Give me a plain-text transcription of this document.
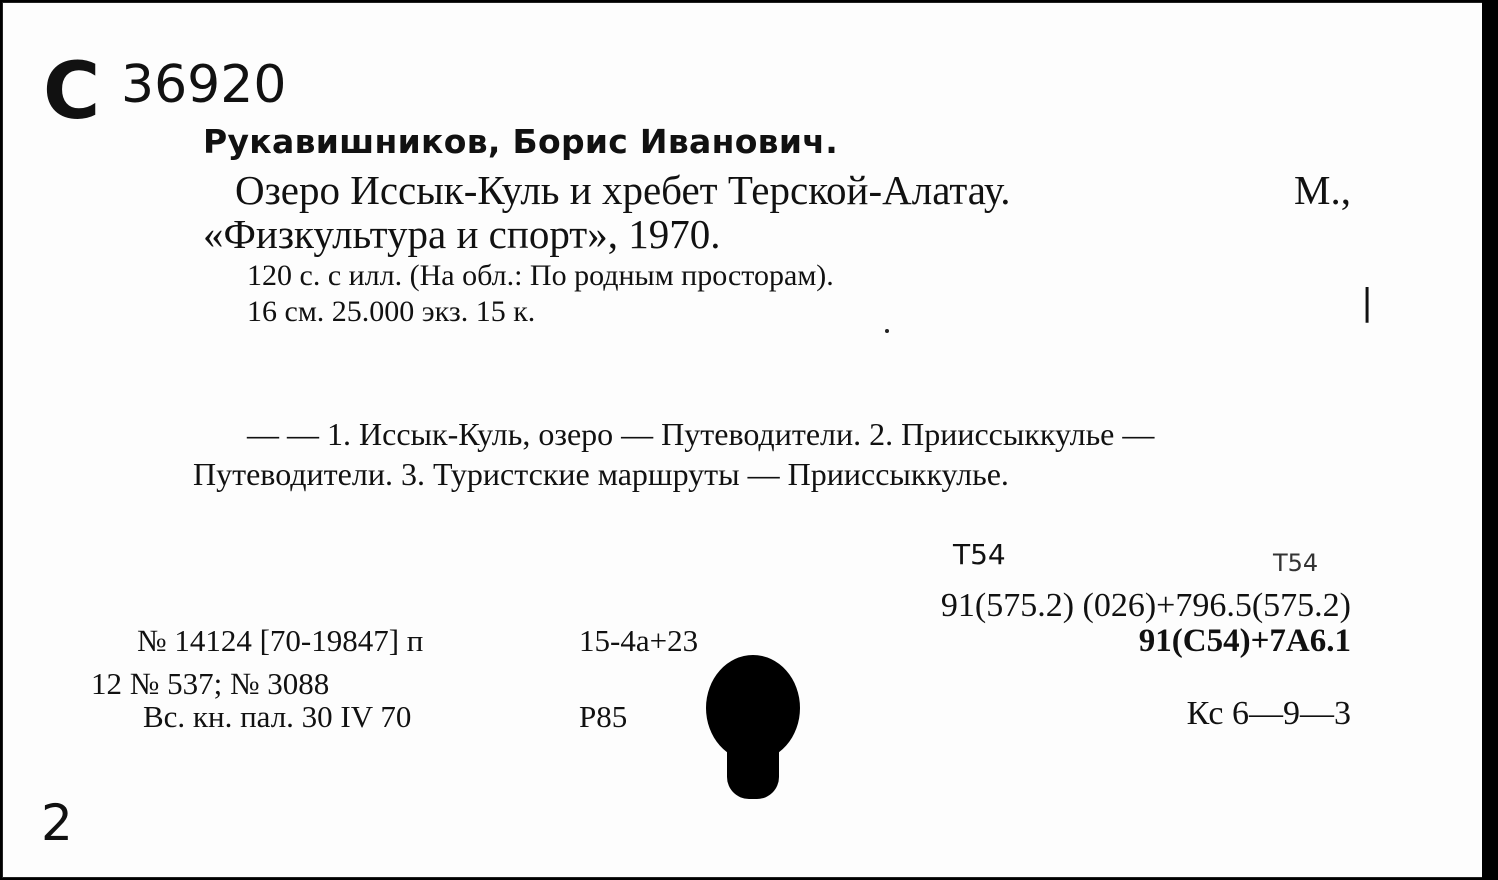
С 36920
Рукавишников, Борис Иванович.
Озеро Иссык-Куль и хребет Терской-Алатау.	М.,
«Физкультура и спорт», 1970.
120 с. с илл. (На обл.: По родным просторам).
16 см. 25.000 экз. 15 к.	|
— — 1. Иссык-Куль, озеро — Путеводители. 2. Прииссыккулье —
Путеводители. 3. Туристские маршруты — Прииссыккулье.
Т54	Т54
91(575.2) (026)+796.5(575.2)
91(С54)+7А6.1
№ 14124 [70-19847] п	15-4а+23
12 № 537; № 3088
Вс. кн. пал. 30 IV 70	Р85	Кс 6—9—3
2
